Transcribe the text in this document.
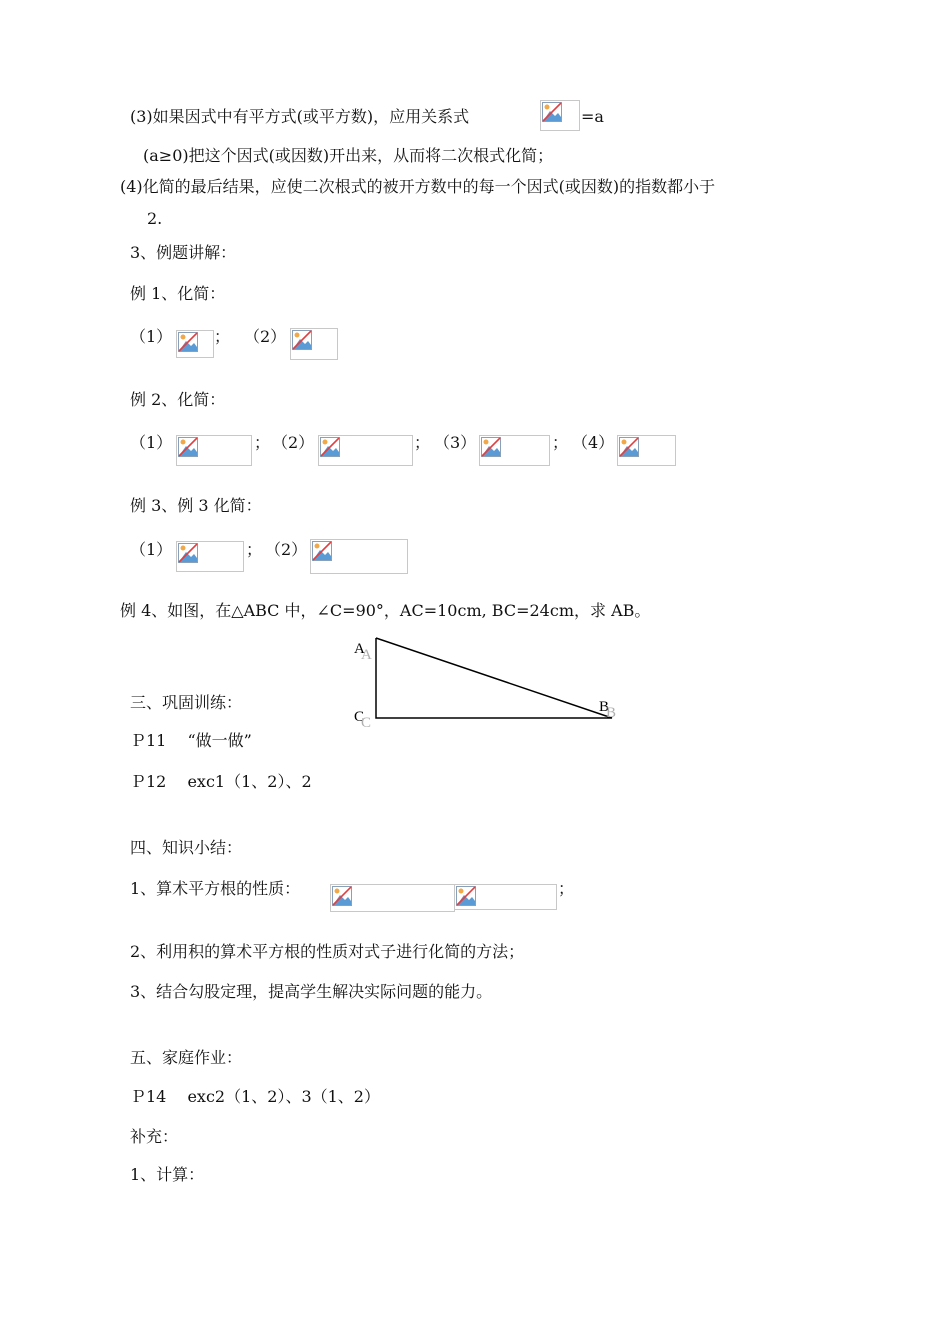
(3)如果因式中有平方式(或平方数)，应用关系式	=a
(a≥0)把这个因式(或因数)开出来，从而将二次根式化简；
(4)化简的最后结果，应使二次根式的被开方数中的每一个因式(或因数)的指数都小于
2.
3、例题讲解：
例 1、化简：
（1）	； （2）
例 2、化简：
（1）	； （2）	； （3）	； （4）
例 3、例 3 化简：
（1）	； （2）
例 4、如图，在△ABC 中，∠C=90°，AC=10cm, BC=24cm，求 AB。
A
A
C
C
B
B
三、巩固训练：
Ｐ11　 “做一做”
Ｐ12　 exc1（1、2）、2
四、知识小结：
1、算术平方根的性质：	；
2、利用积的算术平方根的性质对式子进行化简的方法；
3、结合勾股定理，提高学生解决实际问题的能力。
五、家庭作业：
Ｐ14　 exc2（1、2）、3（1、2）
补充：
1、计算：
